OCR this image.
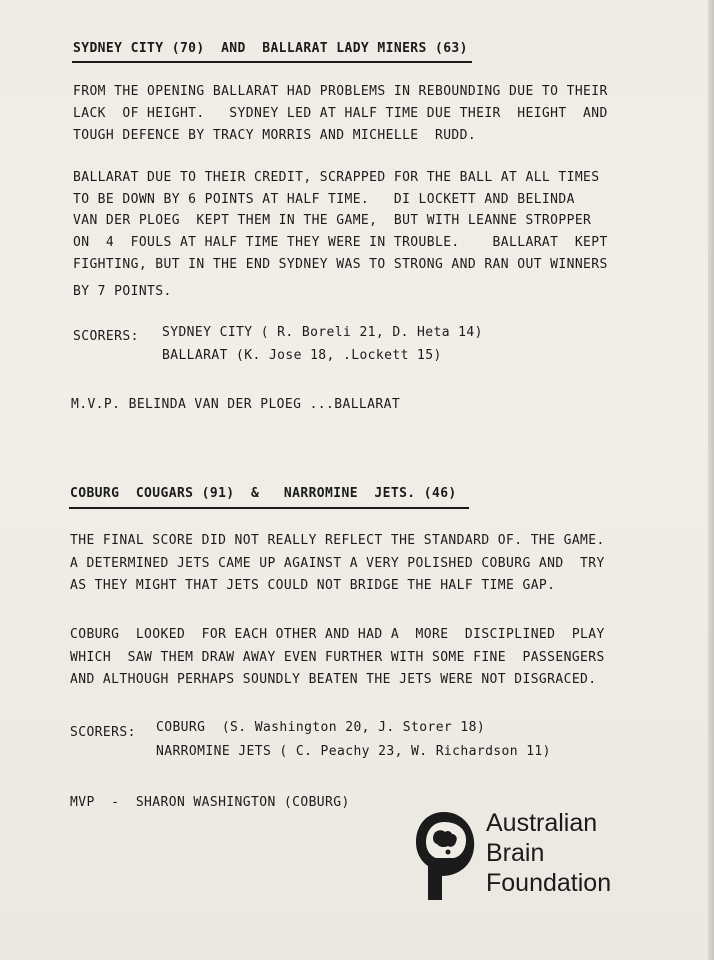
SYDNEY CITY (70)  AND  BALLARAT LADY MINERS (63)
FROM THE OPENING BALLARAT HAD PROBLEMS IN REBOUNDING DUE TO THEIR
LACK  OF HEIGHT.   SYDNEY LED AT HALF TIME DUE THEIR  HEIGHT  AND
TOUGH DEFENCE BY TRACY MORRIS AND MICHELLE  RUDD.
BALLARAT DUE TO THEIR CREDIT, SCRAPPED FOR THE BALL AT ALL TIMES
TO BE DOWN BY 6 POINTS AT HALF TIME.   DI LOCKETT AND BELINDA
VAN DER PLOEG  KEPT THEM IN THE GAME,  BUT WITH LEANNE STROPPER
ON  4  FOULS AT HALF TIME THEY WERE IN TROUBLE.    BALLARAT  KEPT
FIGHTING, BUT IN THE END SYDNEY WAS TO STRONG AND RAN OUT WINNERS
BY 7 POINTS.
SCORERS: SYDNEY CITY ( R. Boreli 21, D. Heta 14)
BALLARAT (K. Jose 18, .Lockett 15)
M.V.P. BELINDA VAN DER PLOEG ...BALLARAT
COBURG  COUGARS (91)  &   NARROMINE  JETS. (46)
THE FINAL SCORE DID NOT REALLY REFLECT THE STANDARD OF. THE GAME.
A DETERMINED JETS CAME UP AGAINST A VERY POLISHED COBURG AND  TRY
AS THEY MIGHT THAT JETS COULD NOT BRIDGE THE HALF TIME GAP.
COBURG  LOOKED  FOR EACH OTHER AND HAD A  MORE  DISCIPLINED  PLAY
WHICH  SAW THEM DRAW AWAY EVEN FURTHER WITH SOME FINE  PASSENGERS
AND ALTHOUGH PERHAPS SOUNDLY BEATEN THE JETS WERE NOT DISGRACED.
SCORERS: COBURG  (S. Washington 20, J. Storer 18)
NARROMINE JETS ( C. Peachy 23, W. Richardson 11)
MVP  -  SHARON WASHINGTON (COBURG)
Australian
Brain
Foundation
